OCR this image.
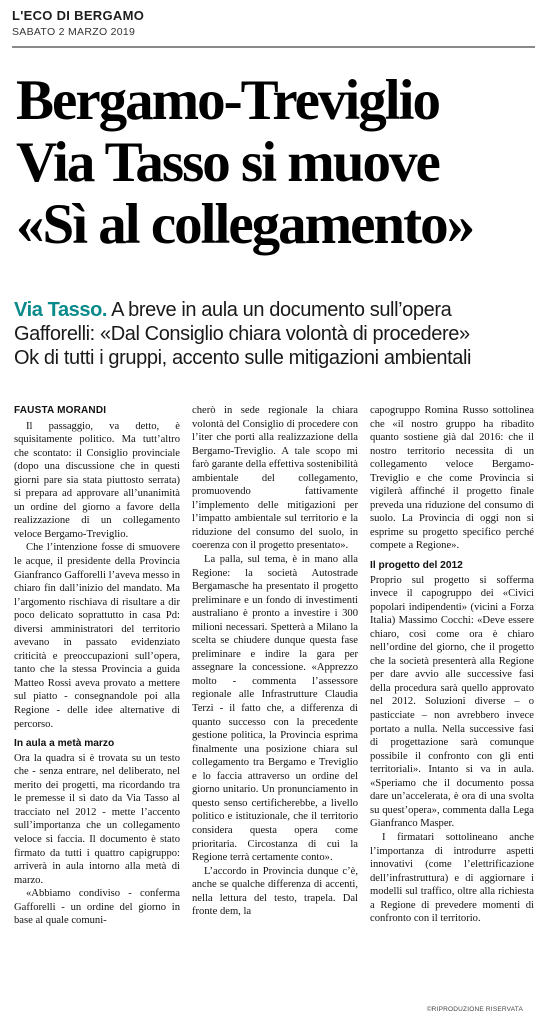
L'ECO DI BERGAMO
SABATO 2 MARZO 2019
Bergamo-Treviglio
Via Tasso si muove
«Sì al collegamento»
Via Tasso. A breve in aula un documento sull’opera
Gafforelli: «Dal Consiglio chiara volontà di procedere»
Ok di tutti i gruppi, accento sulle mitigazioni ambientali
FAUSTA MORANDI

Il passaggio, va detto, è squisitamente politico. Ma tutt’altro che scontato: il Consiglio provinciale (dopo una discussione che in questi giorni pare sia stata piuttosto serrata) si prepara ad approvare all’unanimità un ordine del giorno a favore della realizzazione di un collegamento veloce Bergamo-Treviglio.

Che l’intenzione fosse di smuovere le acque, il presidente della Provincia Gianfranco Gafforelli l’aveva messo in chiaro fin dall’inizio del mandato. Ma l’argomento rischiava di risultare a dir poco delicato soprattutto in casa Pd: diversi amministratori del territorio avevano in passato evidenziato criticità e preoccupazioni sull’opera, tanto che la stessa Provincia a guida Matteo Rossi aveva provato a mettere sul piatto - consegnandole poi alla Regione - delle idee alternative di percorso.

In aula a metà marzo

Ora la quadra si è trovata su un testo che - senza entrare, nel deliberato, nel merito dei progetti, ma ricordando tra le premesse il sì dato da Via Tasso al tracciato nel 2012 - mette l’accento sull’importanza che un collegamento veloce si faccia. Il documento è stato firmato da tutti i quattro capigruppo: arriverà in aula intorno alla metà di marzo.

«Abbiamo condiviso - conferma Gafforelli - un ordine del giorno in base al quale comuni-

cherò in sede regionale la chiara volontà del Consiglio di procedere con l’iter che porti alla realizzazione della Bergamo-Treviglio. A tale scopo mi farò garante della effettiva sostenibilità ambientale del collegamento, promuovendo fattivamente l’implemento delle mitigazioni per l’impatto ambientale sul territorio e la riduzione del consumo del suolo, in coerenza con il progetto presentato».

La palla, sul tema, è in mano alla Regione: la società Autostrade Bergamasche ha presentato il progetto preliminare e un fondo di investimenti australiano è pronto a investire i 300 milioni necessari. Spetterà a Milano la scelta se chiudere dunque questa fase preliminare e indire la gara per assegnare la concessione. «Apprezzo molto - commenta l’assessore regionale alle Infrastrutture Claudia Terzi - il fatto che, a differenza di quanto successo con la precedente gestione politica, la Provincia esprima finalmente una posizione chiara sul collegamento tra Bergamo e Treviglio e lo faccia attraverso un ordine del giorno unitario. Un pronunciamento in questo senso certificherebbe, a livello politico e istituzionale, che il territorio considera questa opera come prioritaria. Circostanza di cui la Regione terrà certamente conto».

L’accordo in Provincia dunque c’è, anche se qualche differenza di accenti, nella lettura del testo, trapela. Dal fronte dem, la

capogruppo Romina Russo sottolinea che «il nostro gruppo ha ribadito quanto sostiene già dal 2016: che il nostro territorio necessita di un collegamento veloce Bergamo-Treviglio e che come Provincia si vigilerà affinché il progetto finale preveda una riduzione del consumo di suolo. La Provincia di oggi non si esprime su progetto specifico perché compete a Regione».

Il progetto del 2012

Proprio sul progetto si sofferma invece il capogruppo dei «Civici popolari indipendenti» (vicini a Forza Italia) Massimo Cocchi: «Deve essere chiaro, così come ora è chiaro nell’ordine del giorno, che il progetto che la società presenterà alla Regione per dare avvio alle successive fasi della procedura sarà quello approvato nel 2012. Soluzioni diverse – o pasticciate – non avrebbero invece portato a nulla. Nella successive fasi di progettazione sarà comunque possibile il confronto con gli enti territoriali». Intanto si va in aula. «Speriamo che il documento possa dare un’accelerata, è ora di una svolta su quest’opera», commenta dalla Lega Gianfranco Masper.

I firmatari sottolineano anche l’importanza di introdurre aspetti innovativi (come l’elettrificazione dell’infrastruttura) e di aggiornare i modelli sul traffico, oltre alla richiesta a Regione di prevedere momenti di confronto con il territorio.

©RIPRODUZIONE RISERVATA
